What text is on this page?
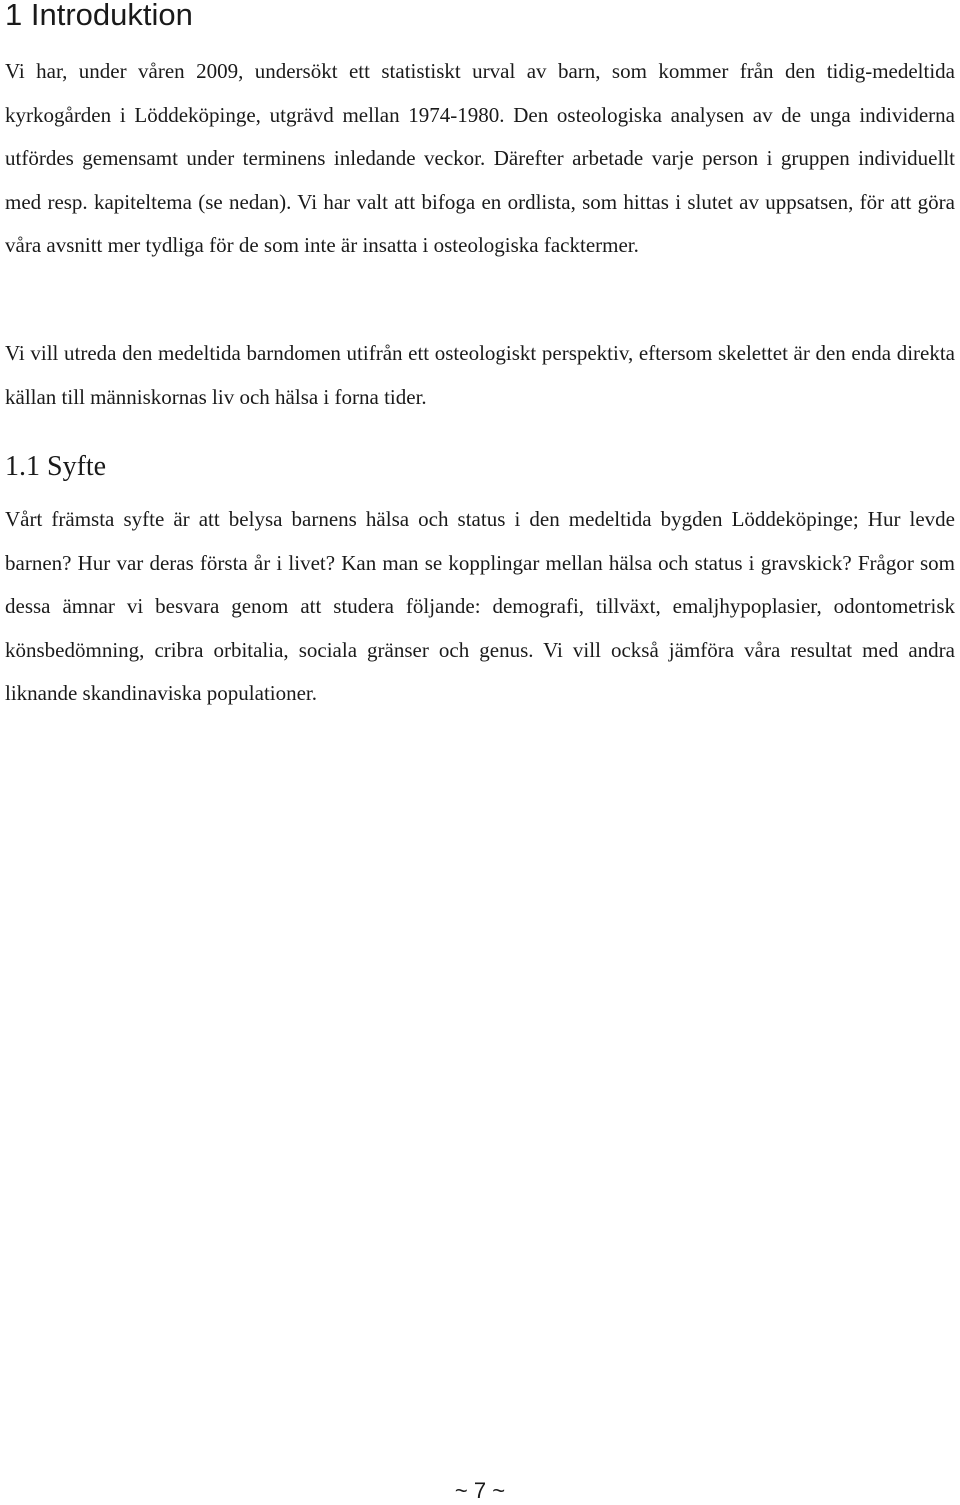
1 Introduktion

Vi har, under våren 2009, undersökt ett statistiskt urval av barn, som kommer från den tidig-medeltida kyrkogården i Löddeköpinge, utgrävd mellan 1974-1980. Den osteologiska analysen av de unga individerna utfördes gemensamt under terminens inledande veckor. Därefter arbetade varje person i gruppen individuellt med resp. kapiteltema (se nedan). Vi har valt att bifoga en ordlista, som hittas i slutet av uppsatsen, för att göra våra avsnitt mer tydliga för de som inte är insatta i osteologiska facktermer.

Vi vill utreda den medeltida barndomen utifrån ett osteologiskt perspektiv, eftersom skelettet är den enda direkta källan till människornas liv och hälsa i forna tider.

1.1 Syfte

Vårt främsta syfte är att belysa barnens hälsa och status i den medeltida bygden Löddeköpinge; Hur levde barnen? Hur var deras första år i livet? Kan man se kopplingar mellan hälsa och status i gravskick? Frågor som dessa ämnar vi besvara genom att studera följande: demografi, tillväxt, emaljhypoplasier, odontometrisk könsbedömning, cribra orbitalia, sociala gränser och genus. Vi vill också jämföra våra resultat med andra liknande skandinaviska populationer.

~ 7 ~
